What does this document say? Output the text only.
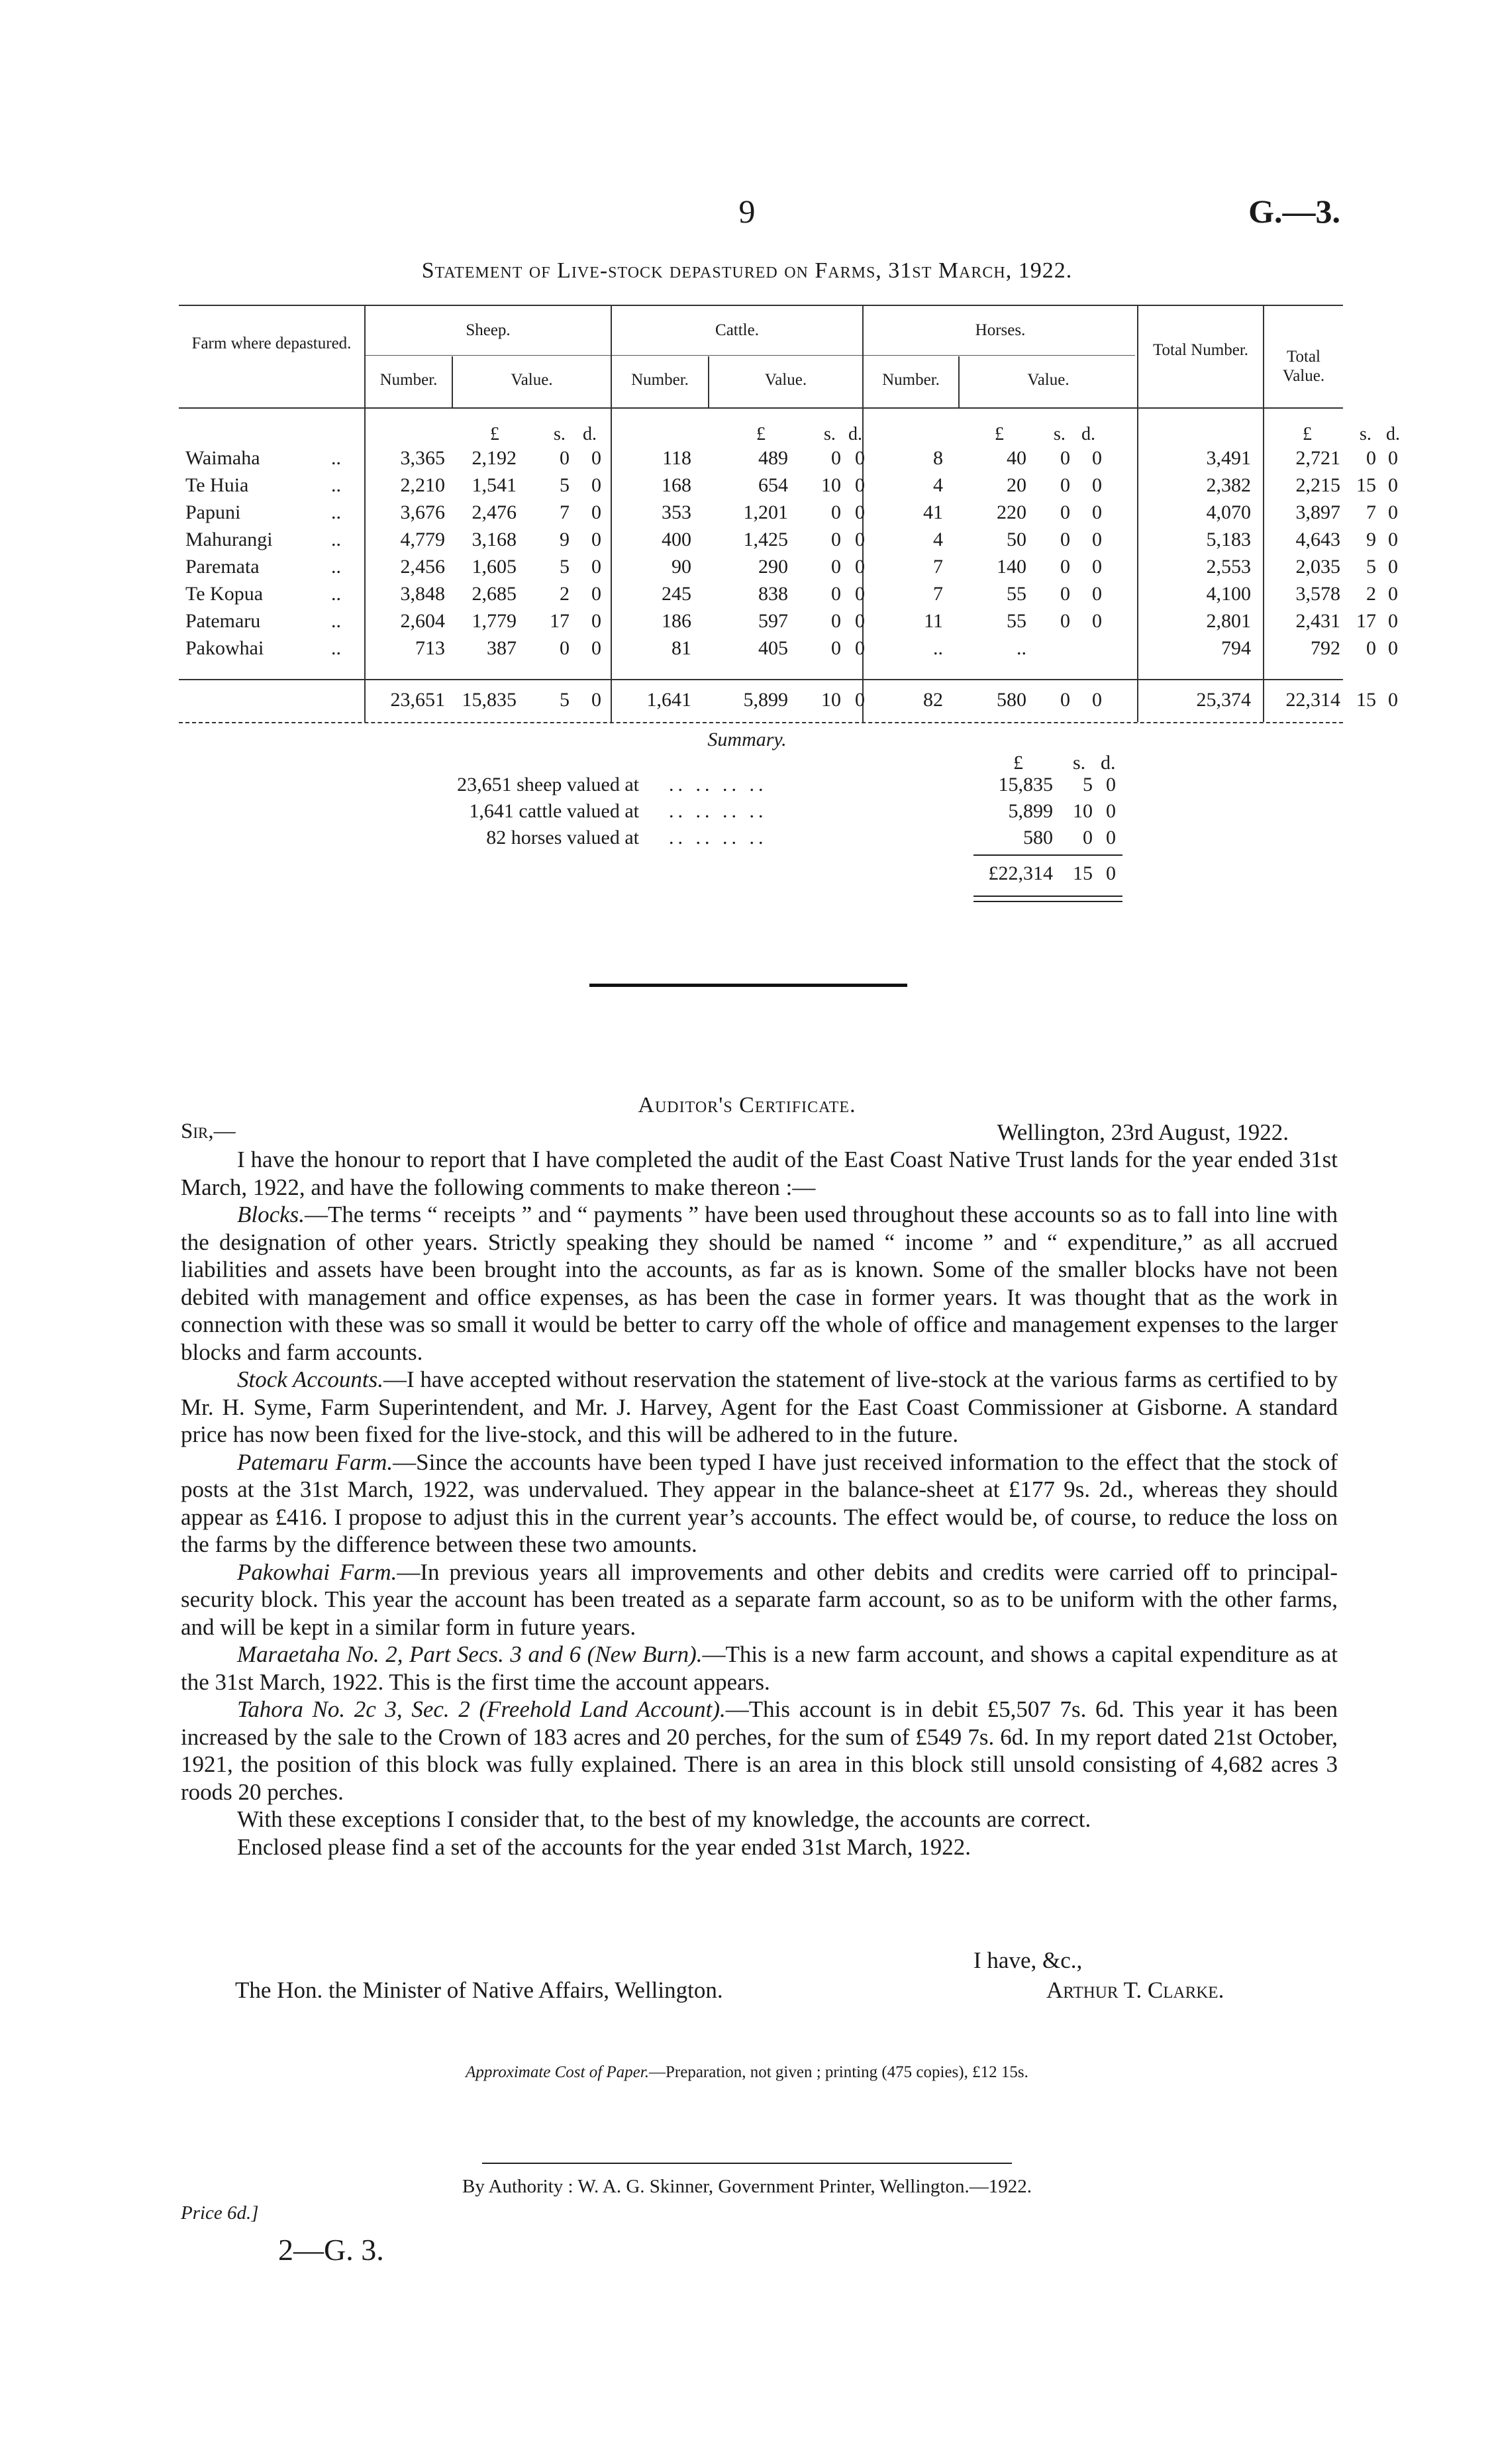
9	G.—3.
Statement of Live-stock depastured on Farms, 31st March, 1922.
Farm where depastured.
Sheep.	Cattle.	Horses.
Number.	Value.	Number.	Value.	Number.	Value.
Total Number.	Total Value.
£	s. d.	£	s. d.	£	s. d.	£	s. d.
Waimaha	..	3,365	2,192	0	0	118	489	0 0	8	40	0	0	3,491	2,721	0 0
Te Huia	..	2,210	1,541	5	0	168	654	10 0	4	20	0	0	2,382	2,215 15 0
Papuni	..	3,676	2,476	7	0	353	1,201	0 0	41	220	0	0	4,070	3,897	7 0
Mahurangi	..	4,779	3,168	9	0	400	1,425	0 0	4	50	0	0	5,183	4,643	9 0
Paremata	..	2,456	1,605	5	0	90	290	0 0	7	140	0	0	2,553	2,035	5 0
Te Kopua	..	3,848	2,685	2	0	245	838	0 0	7	55	0	0	4,100	3,578	2 0
Patemaru	..	2,604	1,779	17	0	186	597	0 0	11	55	0	0	2,801	2,431 17 0
Pakowhai	..	713	387	0	0	81	405	0 0	..	..	794	792	0 0
23,651 15,835	5	0	1,641	5,899	10 0	82	580	0	0	25,374	22,314 15 0
Summary.
£	s. d.
23,651 sheep valued at .. .. .. ..	15,835	5 0
1,641 cattle valued at .. .. .. ..	5,899	10 0
82 horses valued at .. .. .. ..	580	0 0
£22,314	15 0
Auditor's Certificate.
Sir,—	Wellington, 23rd August, 1922.

I have the honour to report that I have completed the audit of the East Coast Native Trust lands for the year ended 31st March, 1922, and have the following comments to make thereon :—

Blocks.—The terms “ receipts ” and “ payments ” have been used throughout these accounts so as to fall into line with the designation of other years. Strictly speaking they should be named “ income ” and “ expenditure,” as all accrued liabilities and assets have been brought into the accounts, as far as is known. Some of the smaller blocks have not been debited with management and office expenses, as has been the case in former years. It was thought that as the work in connection with these was so small it would be better to carry off the whole of office and management expenses to the larger blocks and farm accounts.

Stock Accounts.—I have accepted without reservation the statement of live-stock at the various farms as certified to by Mr. H. Syme, Farm Superintendent, and Mr. J. Harvey, Agent for the East Coast Commissioner at Gisborne. A standard price has now been fixed for the live-stock, and this will be adhered to in the future.

Patemaru Farm.—Since the accounts have been typed I have just received information to the effect that the stock of posts at the 31st March, 1922, was undervalued. They appear in the balance-sheet at £177 9s. 2d., whereas they should appear as £416. I propose to adjust this in the current year’s accounts. The effect would be, of course, to reduce the loss on the farms by the difference between these two amounts.

Pakowhai Farm.—In previous years all improvements and other debits and credits were carried off to principal-security block. This year the account has been treated as a separate farm account, so as to be uniform with the other farms, and will be kept in a similar form in future years.

Maraetaha No. 2, Part Secs. 3 and 6 (New Burn).—This is a new farm account, and shows a capital expenditure as at the 31st March, 1922. This is the first time the account appears.

Tahora No. 2c 3, Sec. 2 (Freehold Land Account).—This account is in debit £5,507 7s. 6d. This year it has been increased by the sale to the Crown of 183 acres and 20 perches, for the sum of £549 7s. 6d. In my report dated 21st October, 1921, the position of this block was fully explained. There is an area in this block still unsold consisting of 4,682 acres 3 roods 20 perches.

With these exceptions I consider that, to the best of my knowledge, the accounts are correct.

Enclosed please find a set of the accounts for the year ended 31st March, 1922.

I have, &c.,
The Hon. the Minister of Native Affairs, Wellington.	Arthur T. Clarke.
Approximate Cost of Paper.—Preparation, not given ; printing (475 copies), £12 15s.
By Authority : W. A. G. Skinner, Government Printer, Wellington.—1922.
Price 6d.]
2—G. 3.
